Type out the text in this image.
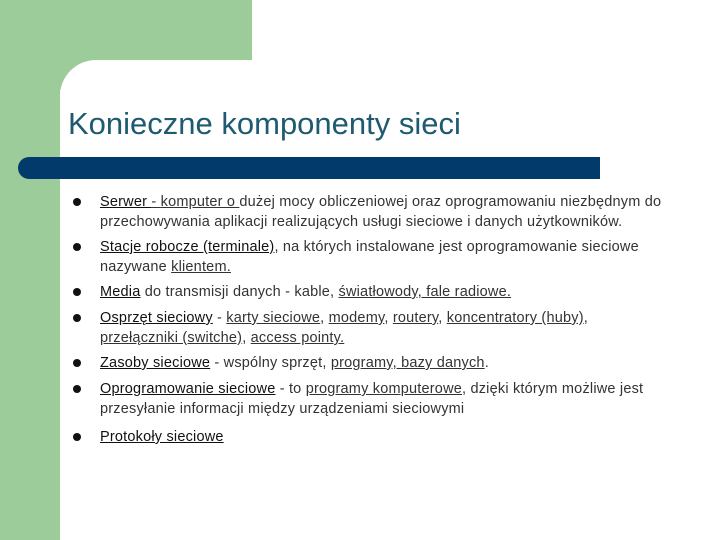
Konieczne komponenty sieci
Serwer - komputer o dużej mocy obliczeniowej oraz oprogramowaniu niezbędnym do przechowywania aplikacji realizujących usługi sieciowe i danych użytkowników.
Stacje robocze (terminale), na których instalowane jest oprogramowanie sieciowe nazywane klientem.
Media do transmisji danych - kable, światłowody, fale radiowe.
Osprzęt sieciowy - karty sieciowe, modemy, routery, koncentratory (huby), przełączniki (switche), access pointy.
Zasoby sieciowe - wspólny sprzęt, programy, bazy danych.
Oprogramowanie sieciowe - to programy komputerowe, dzięki którym możliwe jest przesyłanie informacji między urządzeniami sieciowymi
Protokoły sieciowe
